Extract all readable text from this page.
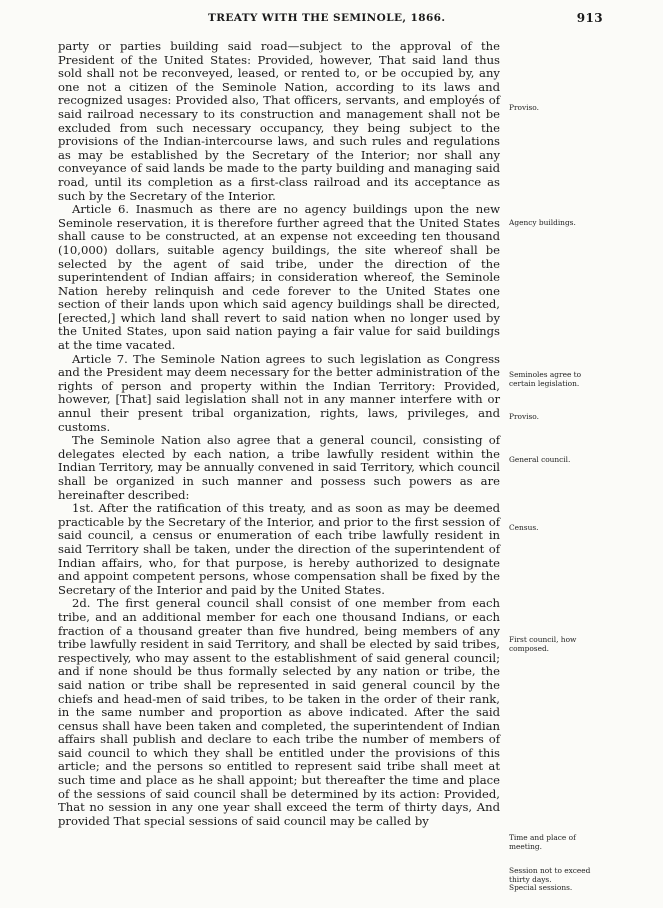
TREATY WITH THE SEMINOLE, 1866.	913

party or parties building said road—subject to the approval of the President of the United States: Provided, however, That said land thus sold shall not be reconveyed, leased, or rented to, or be occupied by, any one not a citizen of the Seminole Nation, according to its laws and recognized usages: Provided also, That officers, servants, and employés of said railroad necessary to its construction and management shall not be excluded from such necessary occupancy, they being subject to the provisions of the Indian-intercourse laws, and such rules and regulations as may be established by the Secretary of the Interior; nor shall any conveyance of said lands be made to the party building and managing said road, until its completion as a first-class railroad and its acceptance as such by the Secretary of the Interior.

Article 6. Inasmuch as there are no agency buildings upon the new Seminole reservation, it is therefore further agreed that the United States shall cause to be constructed, at an expense not exceeding ten thousand (10,000) dollars, suitable agency buildings, the site whereof shall be selected by the agent of said tribe, under the direction of the superintendent of Indian affairs; in consideration whereof, the Seminole Nation hereby relinquish and cede forever to the United States one section of their lands upon which said agency buildings shall be directed, [erected,] which land shall revert to said nation when no longer used by the United States, upon said nation paying a fair value for said buildings at the time vacated.

Article 7. The Seminole Nation agrees to such legislation as Congress and the President may deem necessary for the better administration of the rights of person and property within the Indian Territory: Provided, however, [That] said legislation shall not in any manner interfere with or annul their present tribal organization, rights, laws, privileges, and customs.

The Seminole Nation also agree that a general council, consisting of delegates elected by each nation, a tribe lawfully resident within the Indian Territory, may be annually convened in said Territory, which council shall be organized in such manner and possess such powers as are hereinafter described:

1st. After the ratification of this treaty, and as soon as may be deemed practicable by the Secretary of the Interior, and prior to the first session of said council, a census or enumeration of each tribe lawfully resident in said Territory shall be taken, under the direction of the superintendent of Indian affairs, who, for that purpose, is hereby authorized to designate and appoint competent persons, whose compensation shall be fixed by the Secretary of the Interior and paid by the United States.

2d. The first general council shall consist of one member from each tribe, and an additional member for each one thousand Indians, or each fraction of a thousand greater than five hundred, being members of any tribe lawfully resident in said Territory, and shall be elected by said tribes, respectively, who may assent to the establishment of said general council; and if none should be thus formally selected by any nation or tribe, the said nation or tribe shall be represented in said general council by the chiefs and head-men of said tribes, to be taken in the order of their rank, in the same number and proportion as above indicated. After the said census shall have been taken and completed, the superintendent of Indian affairs shall publish and declare to each tribe the number of members of said council to which they shall be entitled under the provisions of this article; and the persons so entitled to represent said tribe shall meet at such time and place as he shall appoint; but thereafter the time and place of the sessions of said council shall be determined by its action: Provided, That no session in any one year shall exceed the term of thirty days, And provided That special sessions of said council may be called by

Proviso.
Agency buildings.
Seminoles agree to certain legislation.
Proviso.
General council.
Census.
First council, how composed.
Time and place of meeting.
Session not to exceed thirty days.
Special sessions.
